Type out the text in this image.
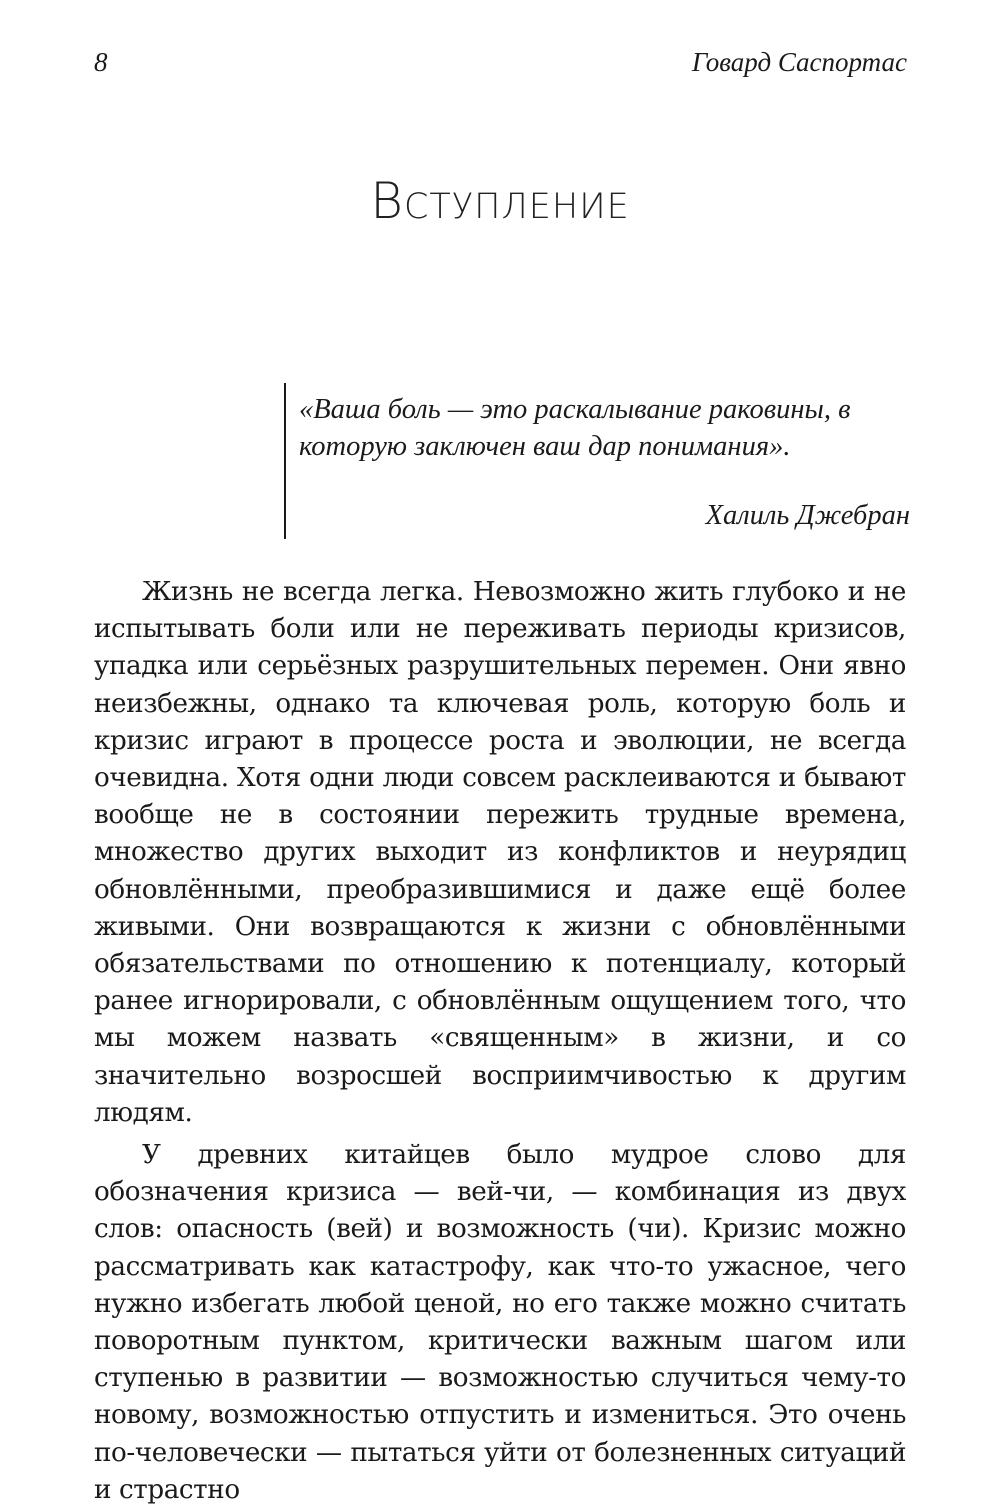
8	Говард Саспортас
Вступление

«Ваша боль — это раскалывание раковины, в которую заключен ваш дар понимания».

Халиль Джебран

Жизнь не всегда легка. Невозможно жить глубоко и не испытывать боли или не переживать периоды кризисов, упадка или серьёзных разрушительных перемен. Они явно неизбежны, однако та ключевая роль, которую боль и кризис играют в процессе роста и эволюции, не всегда очевидна. Хотя одни люди совсем расклеиваются и бывают вообще не в состоянии пережить трудные времена, множество других выходит из конфликтов и неурядиц обновлёнными, преобразившимися и даже ещё более живыми. Они возвращаются к жизни с обновлёнными обязательствами по отношению к потенциалу, который ранее игнорировали, с обновлённым ощущением того, что мы можем назвать «священным» в жизни, и со значительно возросшей восприимчивостью к другим людям.

У древних китайцев было мудрое слово для обозначения кризиса — вей-чи, — комбинация из двух слов: опасность (вей) и возможность (чи). Кризис можно рассматривать как катастрофу, как что-то ужасное, чего нужно избегать любой ценой, но его также можно считать поворотным пунктом, критически важным шагом или ступенью в развитии — возможностью случиться чему-то новому, возможностью отпустить и измениться. Это очень по-человечески — пытаться уйти от болезненных ситуаций и страстно
